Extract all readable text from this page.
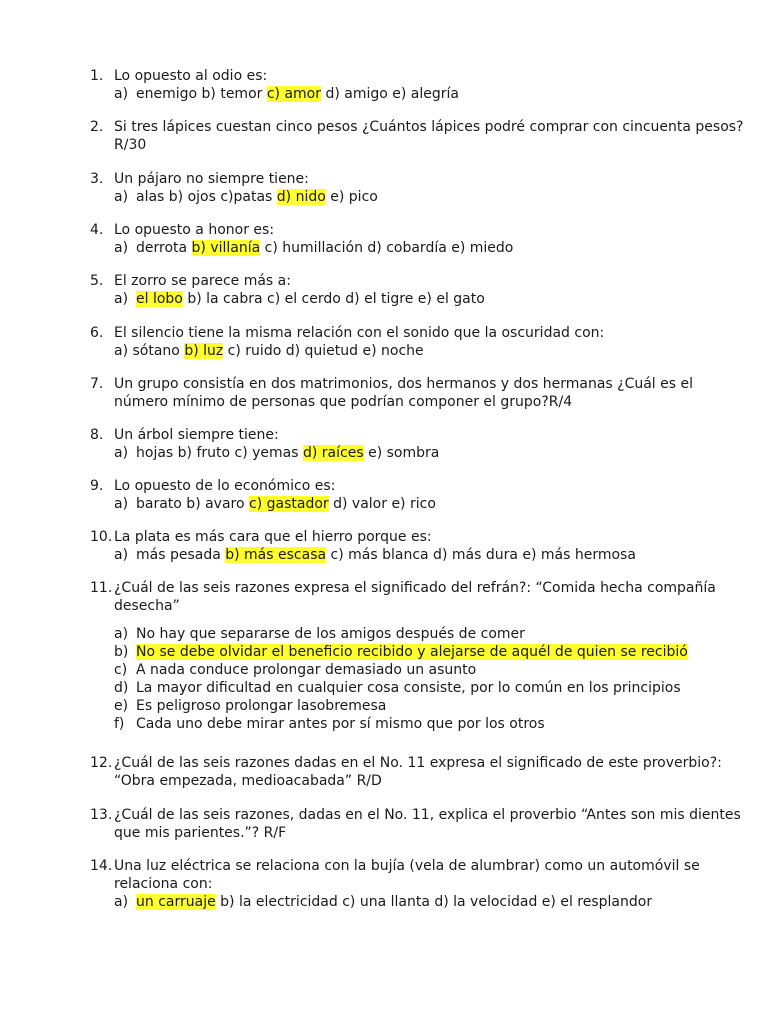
1. Lo opuesto al odio es:
a) enemigo b) temor c) amor d) amigo e) alegría
2. Si tres lápices cuestan cinco pesos ¿Cuántos lápices podré comprar con cincuenta pesos?
R/30
3. Un pájaro no siempre tiene:
a) alas b) ojos c)patas d) nido e) pico
4. Lo opuesto a honor es:
a) derrota b) villanía c) humillación d) cobardía e) miedo
5. El zorro se parece más a:
a) el lobo b) la cabra c) el cerdo d) el tigre e) el gato
6. El silencio tiene la misma relación con el sonido que la oscuridad con:
a) sótano b) luz c) ruido d) quietud e) noche
7. Un grupo consistía en dos matrimonios, dos hermanos y dos hermanas ¿Cuál es el
número mínimo de personas que podrían componer el grupo?R/4
8. Un árbol siempre tiene:
a) hojas b) fruto c) yemas d) raíces e) sombra
9. Lo opuesto de lo económico es:
a) barato b) avaro c) gastador d) valor e) rico
10. La plata es más cara que el hierro porque es:
a) más pesada b) más escasa c) más blanca d) más dura e) más hermosa
11. ¿Cuál de las seis razones expresa el significado del refrán?: “Comida hecha compañía
desecha”
a) No hay que separarse de los amigos después de comer
b) No se debe olvidar el beneficio recibido y alejarse de aquél de quien se recibió
c) A nada conduce prolongar demasiado un asunto
d) La mayor dificultad en cualquier cosa consiste, por lo común en los principios
e) Es peligroso prolongar lasobremesa
f) Cada uno debe mirar antes por sí mismo que por los otros
12. ¿Cuál de las seis razones dadas en el No. 11 expresa el significado de este proverbio?:
“Obra empezada, medioacabada” R/D
13. ¿Cuál de las seis razones, dadas en el No. 11, explica el proverbio “Antes son mis dientes
que mis parientes.”? R/F
14. Una luz eléctrica se relaciona con la bujía (vela de alumbrar) como un automóvil se
relaciona con:
a) un carruaje b) la electricidad c) una llanta d) la velocidad e) el resplandor
